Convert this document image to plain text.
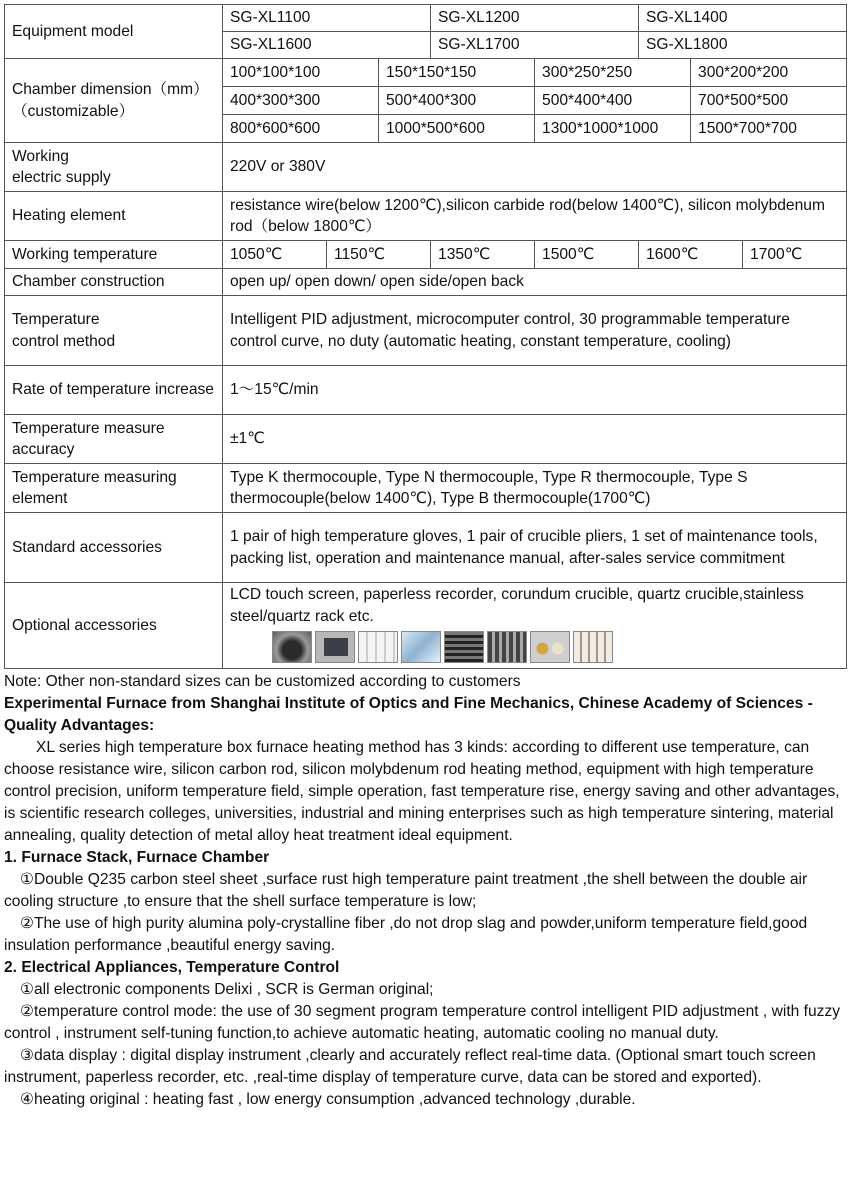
Equipment model	SG-XL1100			SG-XL1200		SG-XL1400		
	SG-XL1600			SG-XL1700		SG-XL1800		
Chamber dimension（mm）
（customizable）	100*100*100		150*150*150		300*250*250		300*200*200	
	400*300*300		500*400*300		500*400*400		700*500*500	
	800*600*600		1000*500*600		1300*1000*1000		1500*700*700	
Working
electric supply	220V or 380V							
Heating element	resistance wire(below 1200℃),silicon carbide rod(below 1400℃), silicon molybdenum rod（below 1800℃）							
Working temperature	1050℃	1150℃		1350℃	1500℃	1600℃		1700℃
Chamber construction	open up/ open down/ open side/open back							
Temperature
control method	Intelligent PID adjustment, microcomputer control, 30 programmable temperature control curve, no duty (automatic heating, constant temperature, cooling)							
Rate of temperature increase	1～15℃/min							
Temperature measure accuracy	±1℃							
Temperature measuring element	Type K thermocouple, Type N thermocouple, Type R thermocouple, Type S thermocouple(below 1400℃), Type B thermocouple(1700℃)							
Standard accessories	1 pair of high temperature gloves, 1 pair of crucible pliers, 1 set of maintenance tools, packing list, operation and maintenance manual, after-sales service commitment							
Optional accessories	LCD touch screen, paperless recorder, corundum crucible, quartz crucible,stainless steel/quartz rack etc.							

Note: Other non-standard sizes can be customized according to customers

Experimental Furnace from Shanghai Institute of Optics and Fine Mechanics, Chinese Academy of Sciences - Quality Advantages:

XL series high temperature box furnace heating method has 3 kinds: according to different use temperature, can choose resistance wire, silicon carbon rod, silicon molybdenum rod heating method, equipment with high temperature control precision, uniform temperature field, simple operation, fast temperature rise, energy saving and other advantages, is scientific research colleges, universities, industrial and mining enterprises such as high temperature sintering, material annealing, quality detection of metal alloy heat treatment ideal equipment.

1. Furnace Stack, Furnace Chamber

①Double Q235 carbon steel sheet ,surface rust high temperature paint treatment ,the shell between the double air cooling structure ,to ensure that the shell surface temperature is low;

②The use of high purity alumina poly-crystalline fiber ,do not drop slag and powder,uniform temperature field,good insulation performance ,beautiful energy saving.

2. Electrical Appliances, Temperature Control

①all electronic components Delixi , SCR is German original;

②temperature control mode: the use of 30 segment program temperature control intelligent PID adjustment , with fuzzy control , instrument self-tuning function,to achieve automatic heating, automatic cooling no manual duty.

③data display : digital display instrument ,clearly and accurately reflect real-time data. (Optional smart touch screen instrument, paperless recorder, etc. ,real-time display of temperature curve, data can be stored and exported).

④heating original : heating fast , low energy consumption ,advanced technology ,durable.
